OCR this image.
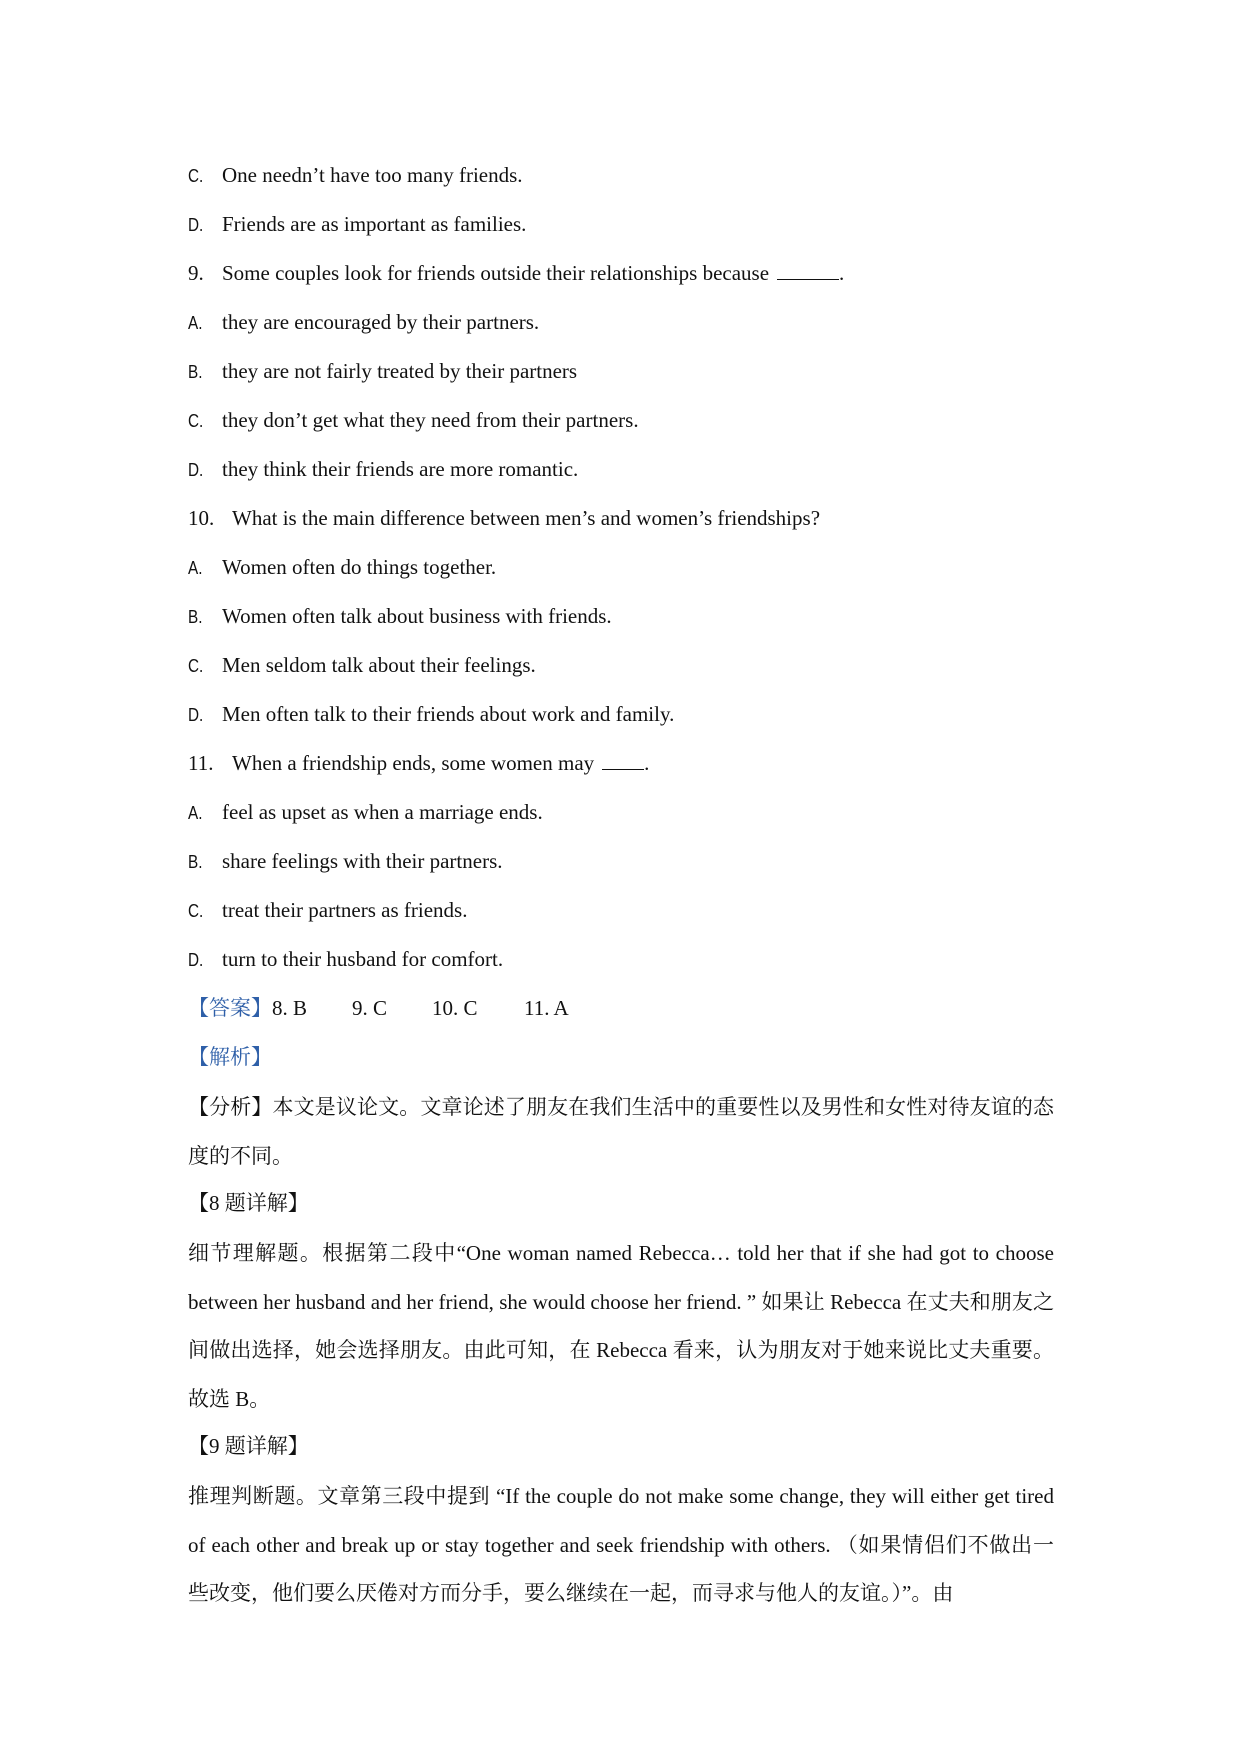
C. One needn’t have too many friends.
D. Friends are as important as families.
9. Some couples look for friends outside their relationships because	.
A. they are encouraged by their partners.
B. they are not fairly treated by their partners
C. they don’t get what they need from their partners.
D. they think their friends are more romantic.
10. What is the main difference between men’s and women’s friendships?
A. Women often do things together.
B. Women often talk about business with friends.
C. Men seldom talk about their feelings.
D. Men often talk to their friends about work and family.
11. When a friendship ends, some women may .
A. feel as upset as when a marriage ends.
B. share feelings with their partners.
C. treat their partners as friends.
D. turn to their husband for comfort.
【答案】8. B 9. C 10. C 11. A
【解析】
【分析】本文是议论文。文章论述了朋友在我们生活中的重要性以及男性和女性对待友谊的态度的不同。
【8 题详解】
细节理解题。根据第二段中“One woman named Rebecca… told her that if she had got to choose between her husband and her friend, she would choose her friend. ” 如果让 Rebecca 在丈夫和朋友之间做出选择，她会选择朋友。由此可知，在 Rebecca 看来，认为朋友对于她来说比丈夫重要。故选 B。
【9 题详解】
推理判断题。文章第三段中提到 “If the couple do not make some change, they will either get tired of each other and break up or stay together and seek friendship with others. （如果情侣们不做出一些改变，他们要么厌倦对方而分手，要么继续在一起，而寻求与他人的友谊。）”。由
